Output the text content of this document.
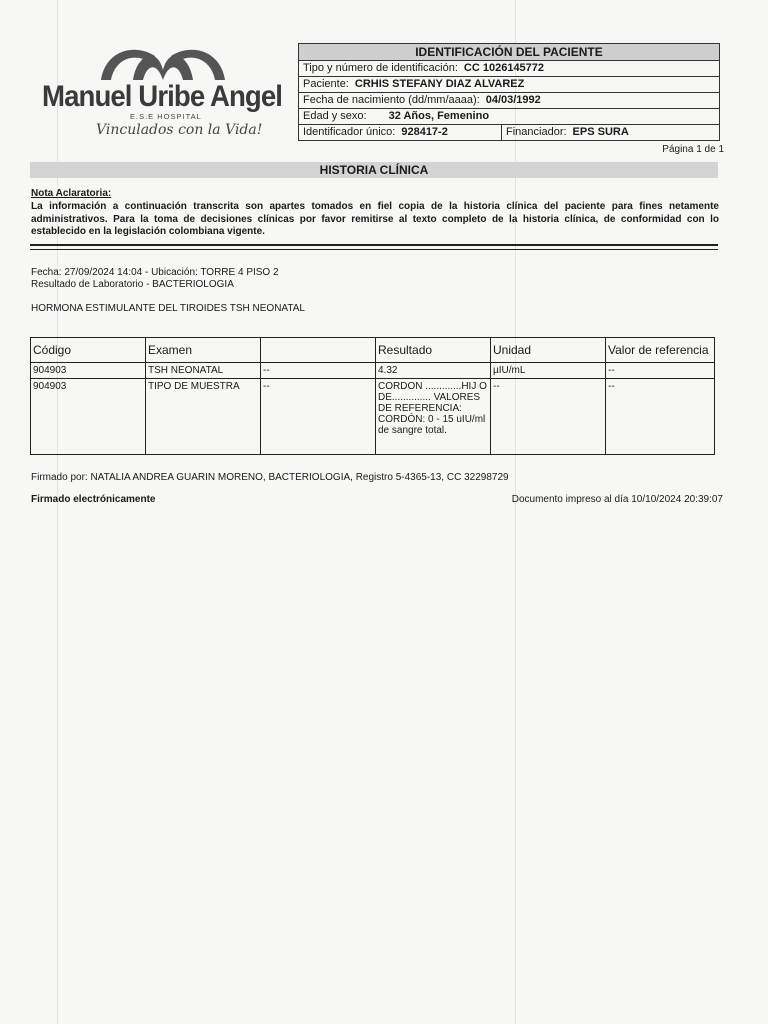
Manuel Uribe Angel
E.S.E HOSPITAL
Vinculados con la Vida!
IDENTIFICACIÓN DEL PACIENTE
Tipo y número de identificación: CC 1026145772
Paciente: CRHIS STEFANY DIAZ ALVAREZ
Fecha de nacimiento (dd/mm/aaaa): 04/03/1992
Edad y sexo: 32 Años, Femenino
Identificador único: 928417-2	Financiador: EPS SURA
Página 1 de 1
HISTORIA CLÍNICA
Nota Aclaratoria:
La información a continuación transcrita son apartes tomados en fiel copia de la historia clínica del paciente para fines netamente administrativos. Para la toma de decisiones clínicas por favor remitirse al texto completo de la historia clínica, de conformidad con lo establecido en la legislación colombiana vigente.
Fecha: 27/09/2024 14:04 - Ubicación: TORRE 4 PISO 2
Resultado de Laboratorio - BACTERIOLOGIA
HORMONA ESTIMULANTE DEL TIROIDES TSH NEONATAL
Código	Examen		Resultado	Unidad	Valor de referencia
904903	TSH NEONATAL	--	4.32	µIU/mL	--
904903	TIPO DE MUESTRA	--	CORDON .............HIJ O DE.............. VALORES DE REFERENCIA: CORDÓN: 0 - 15 uIU/ml de sangre total.	--	--
Firmado por: NATALIA ANDREA GUARIN MORENO, BACTERIOLOGIA, Registro 5-4365-13, CC 32298729
Firmado electrónicamente	Documento impreso al día 10/10/2024 20:39:07
